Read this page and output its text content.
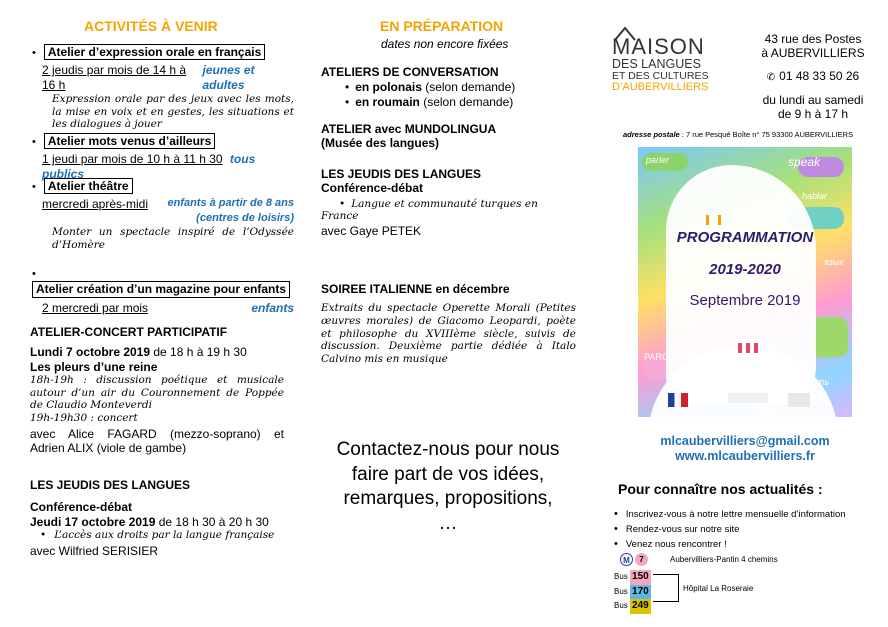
ACTIVITÉS À VENIR
• Atelier d’expression orale en français
2 jeudis par mois de 14 h à 16 h
jeunes et adultes
Expression orale par des jeux avec les mots, la mise en voix et en gestes, les situations et les dialogues à jouer
• Atelier mots venus d’ailleurs
1 jeudi par mois de 10 h à 11 h 30 tous publics
• Atelier théâtre
mercredi après-midi enfants à partir de 8 ans
(centres de loisirs)
Monter un spectacle inspiré de l’Odyssée d’Homère
• Atelier création d’un magazine pour enfants
2 mercredi par mois	enfants
ATELIER-CONCERT PARTICIPATIF
Lundi 7 octobre 2019 de 18 h à 19 h 30
Les pleurs d’une reine
18h-19h : discussion poétique et musicale autour d’un air du Couronnement de Poppée de Claudio Monteverdi
19h-19h30 : concert
avec Alice FAGARD (mezzo-soprano) et
Adrien ALIX (viole de gambe)
LES JEUDIS DES LANGUES
Conférence-débat
Jeudi 17 octobre 2019 de 18 h 30 à 20 h 30
• L’accès aux droits par la langue française
avec Wilfried SERISIER
EN PRÉPARATION
dates non encore fixées
ATELIERS DE CONVERSATION
• en polonais (selon demande)
• en roumain (selon demande)
ATELIER avec MUNDOLINGUA
(Musée des langues)
LES JEUDIS DES LANGUES
Conférence-débat
• Langue et communauté turques en France
avec Gaye PETEK
SOIREE ITALIENNE en décembre
Extraits du spectacle Operette Morali (Petites œuvres morales) de Giacomo Leopardi, poète et philosophe du XVIIIème siècle, suivis de discussion. Deuxième partie dédiée à Italo Calvino mis en musique
Contactez-nous pour nous faire part de vos idées, remarques, propositions,
…
MAISON
DES LANGUES
ET DES CULTURES
D’AUBERVILLIERS
43 rue des Postes
à AUBERVILLIERS
✆ 01 48 33 50 26
du lundi au samedi
de 9 h à 17 h
adresse postale : 7 rue Pesqué Boîte n° 75 93300 AUBERVILLIERS
speak
hablar
PAROLADO
parler
язык
говорить
PROGRAMMATION
2019-2020
Septembre 2019
mlcaubervilliers@gmail.com
www.mlcaubervilliers.fr
Pour connaître nos actualités :
• Inscrivez-vous à notre lettre mensuelle d’information
• Rendez-vous sur notre site
• Venez nous rencontrer !
M	7	Aubervilliers-Pantin 4 chemins
Bus 150
Bus 170
Bus 249
Hôpital La Roseraie
